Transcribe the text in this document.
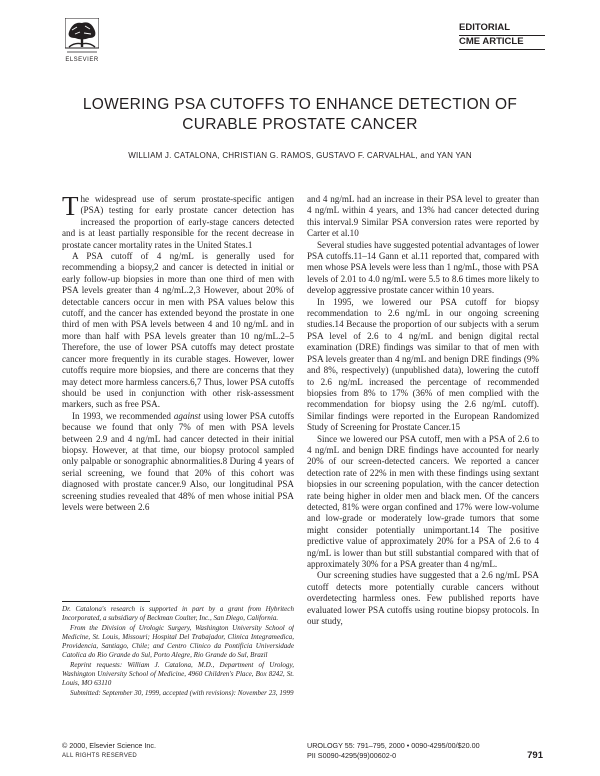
ELSEVIER
EDITORIAL
CME ARTICLE
LOWERING PSA CUTOFFS TO ENHANCE DETECTION OF
CURABLE PROSTATE CANCER
WILLIAM J. CATALONA, CHRISTIAN G. RAMOS, GUSTAVO F. CARVALHAL, and YAN YAN

The widespread use of serum prostate-specific antigen (PSA) testing for early prostate cancer detection has increased the proportion of early-stage cancers detected and is at least partially responsible for the recent decrease in prostate cancer mortality rates in the United States.1

A PSA cutoff of 4 ng/mL is generally used for recommending a biopsy,2 and cancer is detected in initial or early follow-up biopsies in more than one third of men with PSA levels greater than 4 ng/mL.2,3 However, about 20% of detectable cancers occur in men with PSA values below this cutoff, and the cancer has extended beyond the prostate in one third of men with PSA levels between 4 and 10 ng/mL and in more than half with PSA levels greater than 10 ng/mL.2–5 Therefore, the use of lower PSA cutoffs may detect prostate cancer more frequently in its curable stages. However, lower cutoffs require more biopsies, and there are concerns that they may detect more harmless cancers.6,7 Thus, lower PSA cutoffs should be used in conjunction with other risk-assessment markers, such as free PSA.

In 1993, we recommended against using lower PSA cutoffs because we found that only 7% of men with PSA levels between 2.9 and 4 ng/mL had cancer detected in their initial biopsy. However, at that time, our biopsy protocol sampled only palpable or sonographic abnormalities.8 During 4 years of serial screening, we found that 20% of this cohort was diagnosed with prostate cancer.9 Also, our longitudinal PSA screening studies revealed that 48% of men whose initial PSA levels were between 2.6

and 4 ng/mL had an increase in their PSA level to greater than 4 ng/mL within 4 years, and 13% had cancer detected during this interval.9 Similar PSA conversion rates were reported by Carter et al.10

Several studies have suggested potential advantages of lower PSA cutoffs.11–14 Gann et al.11 reported that, compared with men whose PSA levels were less than 1 ng/mL, those with PSA levels of 2.01 to 4.0 ng/mL were 5.5 to 8.6 times more likely to develop aggressive prostate cancer within 10 years.

In 1995, we lowered our PSA cutoff for biopsy recommendation to 2.6 ng/mL in our ongoing screening studies.14 Because the proportion of our subjects with a serum PSA level of 2.6 to 4 ng/mL and benign digital rectal examination (DRE) findings was similar to that of men with PSA levels greater than 4 ng/mL and benign DRE findings (9% and 8%, respectively) (unpublished data), lowering the cutoff to 2.6 ng/mL increased the percentage of recommended biopsies from 8% to 17% (36% of men complied with the recommendation for biopsy using the 2.6 ng/mL cutoff). Similar findings were reported in the European Randomized Study of Screening for Prostate Cancer.15

Since we lowered our PSA cutoff, men with a PSA of 2.6 to 4 ng/mL and benign DRE findings have accounted for nearly 20% of our screen-detected cancers. We reported a cancer detection rate of 22% in men with these findings using sextant biopsies in our screening population, with the cancer detection rate being higher in older men and black men. Of the cancers detected, 81% were organ confined and 17% were low-volume and low-grade or moderately low-grade tumors that some might consider potentially unimportant.14 The positive predictive value of approximately 20% for a PSA of 2.6 to 4 ng/mL is lower than but still substantial compared with that of approximately 30% for a PSA greater than 4 ng/mL.

Our screening studies have suggested that a 2.6 ng/mL PSA cutoff detects more potentially curable cancers without overdetecting harmless ones. Few published reports have evaluated lower PSA cutoffs using routine biopsy protocols. In our study,

Dr. Catalona's research is supported in part by a grant from Hybritech Incorporated, a subsidiary of Beckman Coulter, Inc., San Diego, California.

From the Division of Urologic Surgery, Washington University School of Medicine, St. Louis, Missouri; Hospital Del Trabajador, Clinica Integramedica, Providencia, Santiago, Chile; and Centro Clinico da Pontificia Universidade Catolica do Rio Grande do Sul, Porto Alegre, Rio Grande do Sul, Brazil

Reprint requests: William J. Catalona, M.D., Department of Urology, Washington University School of Medicine, 4960 Children's Place, Box 8242, St. Louis, MO 63110

Submitted: September 30, 1999, accepted (with revisions): November 23, 1999

© 2000, Elsevier Science Inc.
ALL RIGHTS RESERVED
UROLOGY 55: 791–795, 2000 • 0090-4295/00/$20.00
PII S0090-4295(99)00602-0	791
